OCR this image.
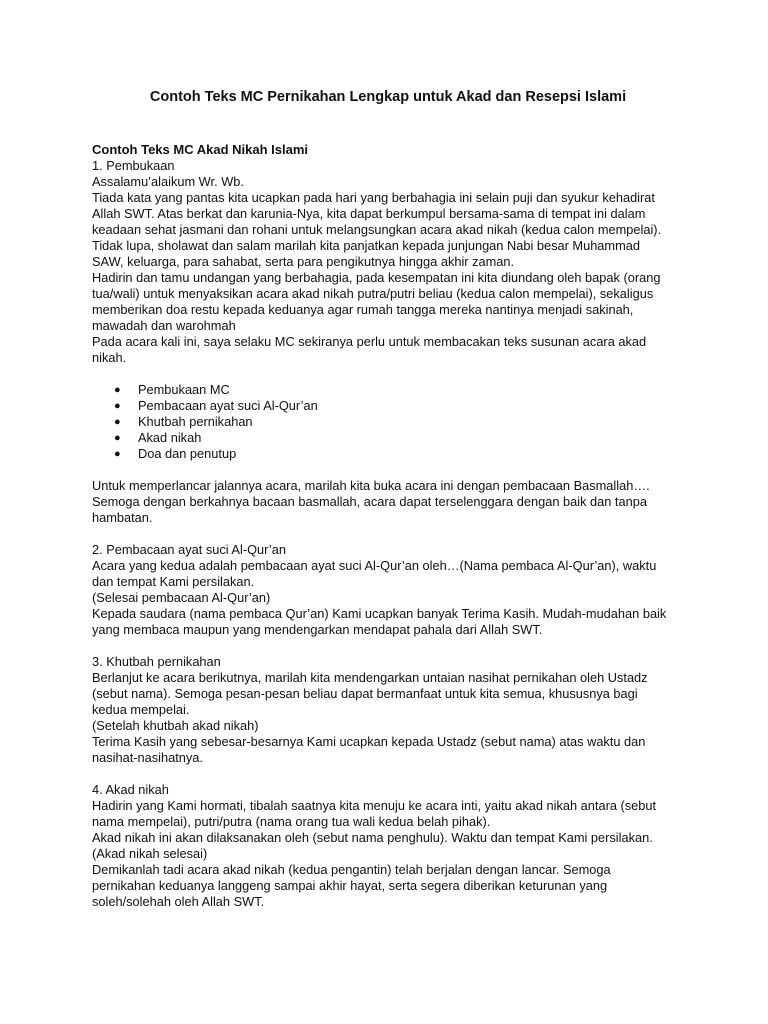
Contoh Teks MC Pernikahan Lengkap untuk Akad dan Resepsi Islami
Contoh Teks MC Akad Nikah Islami
1. Pembukaan
Assalamu’alaikum Wr. Wb.
Tiada kata yang pantas kita ucapkan pada hari yang berbahagia ini selain puji dan syukur kehadirat
Allah SWT. Atas berkat dan karunia-Nya, kita dapat berkumpul bersama-sama di tempat ini dalam
keadaan sehat jasmani dan rohani untuk melangsungkan acara akad nikah (kedua calon mempelai).
Tidak lupa, sholawat dan salam marilah kita panjatkan kepada junjungan Nabi besar Muhammad
SAW, keluarga, para sahabat, serta para pengikutnya hingga akhir zaman.
Hadirin dan tamu undangan yang berbahagia, pada kesempatan ini kita diundang oleh bapak (orang
tua/wali) untuk menyaksikan acara akad nikah putra/putri beliau (kedua calon mempelai), sekaligus
memberikan doa restu kepada keduanya agar rumah tangga mereka nantinya menjadi sakinah,
mawadah dan warohmah
Pada acara kali ini, saya selaku MC sekiranya perlu untuk membacakan teks susunan acara akad
nikah.
● Pembukaan MC
● Pembacaan ayat suci Al-Qur’an
● Khutbah pernikahan
● Akad nikah
● Doa dan penutup
Untuk memperlancar jalannya acara, marilah kita buka acara ini dengan pembacaan Basmallah….
Semoga dengan berkahnya bacaan basmallah, acara dapat terselenggara dengan baik dan tanpa
hambatan.
2. Pembacaan ayat suci Al-Qur’an
Acara yang kedua adalah pembacaan ayat suci Al-Qur’an oleh…(Nama pembaca Al-Qur’an), waktu
dan tempat Kami persilakan.
(Selesai pembacaan Al-Qur’an)
Kepada saudara (nama pembaca Qur’an) Kami ucapkan banyak Terima Kasih. Mudah-mudahan baik
yang membaca maupun yang mendengarkan mendapat pahala dari Allah SWT.
3. Khutbah pernikahan
Berlanjut ke acara berikutnya, marilah kita mendengarkan untaian nasihat pernikahan oleh Ustadz
(sebut nama). Semoga pesan-pesan beliau dapat bermanfaat untuk kita semua, khususnya bagi
kedua mempelai.
(Setelah khutbah akad nikah)
Terima Kasih yang sebesar-besarnya Kami ucapkan kepada Ustadz (sebut nama) atas waktu dan
nasihat-nasihatnya.
4. Akad nikah
Hadirin yang Kami hormati, tibalah saatnya kita menuju ke acara inti, yaitu akad nikah antara (sebut
nama mempelai), putri/putra (nama orang tua wali kedua belah pihak).
Akad nikah ini akan dilaksanakan oleh (sebut nama penghulu). Waktu dan tempat Kami persilakan.
(Akad nikah selesai)
Demikanlah tadi acara akad nikah (kedua pengantin) telah berjalan dengan lancar. Semoga
pernikahan keduanya langgeng sampai akhir hayat, serta segera diberikan keturunan yang
soleh/solehah oleh Allah SWT.
